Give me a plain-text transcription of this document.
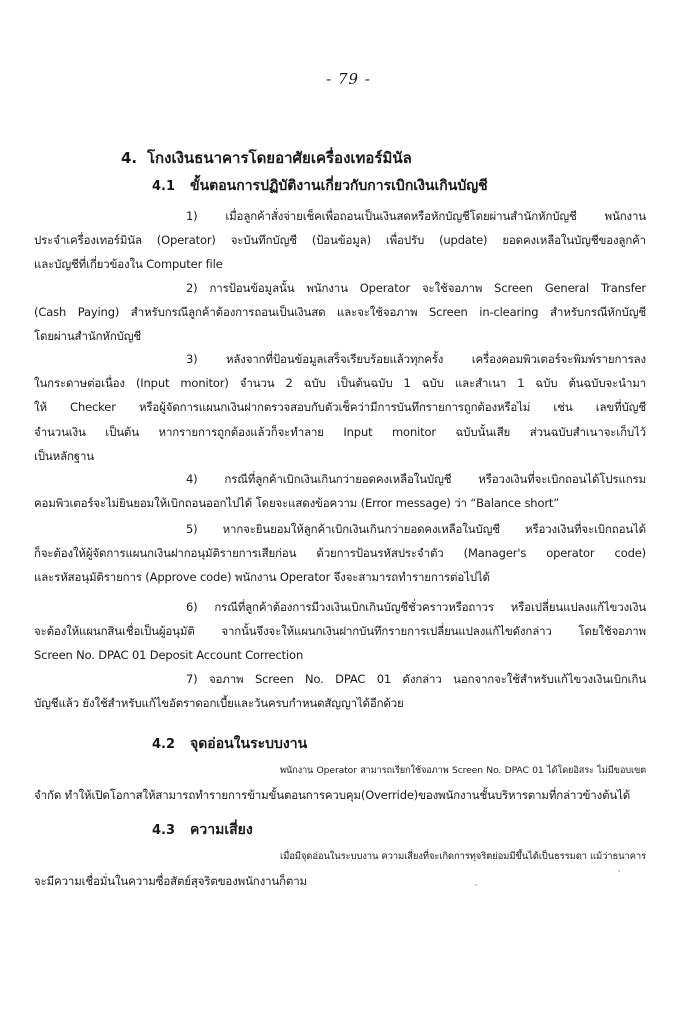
- 79 -
4. โกงเงินธนาคารโดยอาศัยเครื่องเทอร์มินัล
4.1 ขั้นตอนการปฏิบัติงานเกี่ยวกับการเบิกเงินเกินบัญชี
1) เมื่อลูกค้าสั่งจ่ายเช็คเพื่อถอนเป็นเงินสดหรือหักบัญชีโดยผ่านสำนักหักบัญชี พนักงาน
ประจำเครื่องเทอร์มินัล (Operator) จะบันทึกบัญชี (ป้อนข้อมูล) เพื่อปรับ (update) ยอดคงเหลือในบัญชีของลูกค้า
และบัญชีที่เกี่ยวข้องใน Computer file
2) การป้อนข้อมูลนั้น พนักงาน Operator จะใช้จอภาพ Screen General Transfer
(Cash Paying) สำหรับกรณีลูกค้าต้องการถอนเป็นเงินสด และจะใช้จอภาพ Screen in-clearing สำหรับกรณีหักบัญชี
โดยผ่านสำนักหักบัญชี
3) หลังจากที่ป้อนข้อมูลเสร็จเรียบร้อยแล้วทุกครั้ง เครื่องคอมพิวเตอร์จะพิมพ์รายการลง
ในกระดาษต่อเนื่อง (Input monitor) จำนวน 2 ฉบับ เป็นต้นฉบับ 1 ฉบับ และสำเนา 1 ฉบับ ต้นฉบับจะนำมา
ให้ Checker หรือผู้จัดการแผนกเงินฝากตรวจสอบกับตัวเช็คว่ามีการบันทึกรายการถูกต้องหรือไม่ เช่น เลขที่บัญชี
จำนวนเงิน เป็นต้น หากรายการถูกต้องแล้วก็จะทำลาย Input monitor ฉบับนั้นเสีย ส่วนฉบับสำเนาจะเก็บไว้
เป็นหลักฐาน
4) กรณีที่ลูกค้าเบิกเงินเกินกว่ายอดคงเหลือในบัญชี หรือวงเงินที่จะเบิกถอนได้โปรแกรม
คอมพิวเตอร์จะไม่ยินยอมให้เบิกถอนออกไปได้ โดยจะแสดงข้อความ (Error message) ว่า “Balance short”
5) หากจะยินยอมให้ลูกค้าเบิกเงินเกินกว่ายอดคงเหลือในบัญชี หรือวงเงินที่จะเบิกถอนได้
ก็จะต้องให้ผู้จัดการแผนกเงินฝากอนุมัติรายการเสียก่อน ด้วยการป้อนรหัสประจำตัว (Manager's operator code)
และรหัสอนุมัติรายการ (Approve code) พนักงาน Operator จึงจะสามารถทำรายการต่อไปได้
6) กรณีที่ลูกค้าต้องการมีวงเงินเบิกเกินบัญชีชั่วคราวหรือถาวร หรือเปลี่ยนแปลงแก้ไขวงเงิน
จะต้องให้แผนกสินเชื่อเป็นผู้อนุมัติ จากนั้นจึงจะให้แผนกเงินฝากบันทึกรายการเปลี่ยนแปลงแก้ไขดังกล่าว โดยใช้จอภาพ
Screen No. DPAC 01 Deposit Account Correction
7) จอภาพ Screen No. DPAC 01 ดังกล่าว นอกจากจะใช้สำหรับแก้ไขวงเงินเบิกเกิน
บัญชีแล้ว ยังใช้สำหรับแก้ไขอัตราดอกเบี้ยและวันครบกำหนดสัญญาได้อีกด้วย
4.2 จุดอ่อนในระบบงาน
พนักงาน Operator สามารถเรียกใช้จอภาพ Screen No. DPAC 01 ได้โดยอิสระ ไม่มีขอบเขต
จำกัด ทำให้เปิดโอกาสให้สามารถทำรายการข้ามขั้นตอนการควบคุม(Override)ของพนักงานชั้นบริหารตามที่กล่าวข้างต้นได้
4.3 ความเสี่ยง
เมื่อมีจุดอ่อนในระบบงาน ความเสี่ยงที่จะเกิดการทุจริตย่อมมีขึ้นได้เป็นธรรมดา แม้ว่าธนาคาร
จะมีความเชื่อมั่นในความซื่อสัตย์สุจริตของพนักงานก็ตาม
